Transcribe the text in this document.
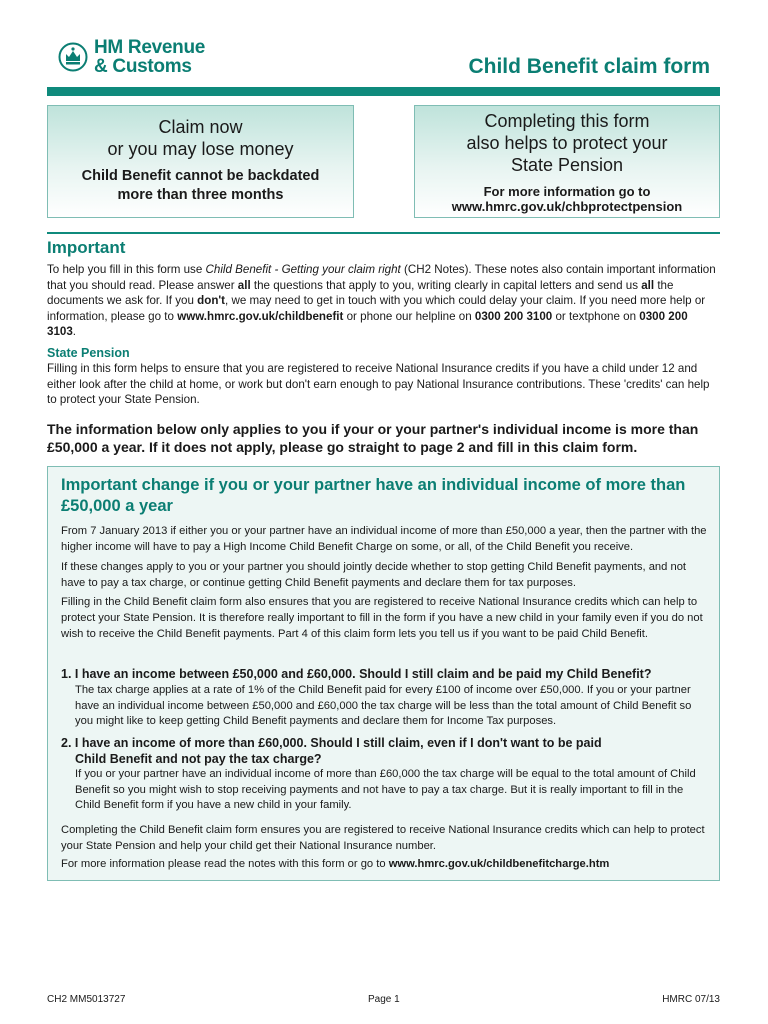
HM Revenue
& Customs	Child Benefit claim form
Claim now
or you may lose money
Child Benefit cannot be backdated
more than three months
Completing this form
also helps to protect your
State Pension
For more information go to
www.hmrc.gov.uk/chbprotectpension
Important
To help you fill in this form use Child Benefit - Getting your claim right (CH2 Notes). These notes also contain important information that you should read. Please answer all the questions that apply to you, writing clearly in capital letters and send us all the documents we ask for. If you don't, we may need to get in touch with you which could delay your claim. If you need more help or information, please go to www.hmrc.gov.uk/childbenefit or phone our helpline on 0300 200 3100 or textphone on 0300 200 3103.
State Pension
Filling in this form helps to ensure that you are registered to receive National Insurance credits if you have a child under 12 and either look after the child at home, or work but don't earn enough to pay National Insurance contributions. These 'credits' can help to protect your State Pension.
The information below only applies to you if your or your partner's individual income is more than £50,000 a year. If it does not apply, please go straight to page 2 and fill in this claim form.
Important change if you or your partner have an individual income of more than £50,000 a year
From 7 January 2013 if either you or your partner have an individual income of more than £50,000 a year, then the partner with the higher income will have to pay a High Income Child Benefit Charge on some, or all, of the Child Benefit you receive.
If these changes apply to you or your partner you should jointly decide whether to stop getting Child Benefit payments, and not have to pay a tax charge, or continue getting Child Benefit payments and declare them for tax purposes.
Filling in the Child Benefit claim form also ensures that you are registered to receive National Insurance credits which can help to protect your State Pension. It is therefore really important to fill in the form if you have a new child in your family even if you do not wish to receive the Child Benefit payments. Part 4 of this claim form lets you tell us if you want to be paid Child Benefit.
1. I have an income between £50,000 and £60,000. Should I still claim and be paid my Child Benefit?
The tax charge applies at a rate of 1% of the Child Benefit paid for every £100 of income over £50,000. If you or your partner have an individual income between £50,000 and £60,000 the tax charge will be less than the total amount of Child Benefit so you might like to keep getting Child Benefit payments and declare them for Income Tax purposes.
2. I have an income of more than £60,000. Should I still claim, even if I don't want to be paid
Child Benefit and not pay the tax charge?
If you or your partner have an individual income of more than £60,000 the tax charge will be equal to the total amount of Child Benefit so you might wish to stop receiving payments and not have to pay a tax charge. But it is really important to fill in the Child Benefit form if you have a new child in your family.
Completing the Child Benefit claim form ensures you are registered to receive National Insurance credits which can help to protect your State Pension and help your child get their National Insurance number.
For more information please read the notes with this form or go to www.hmrc.gov.uk/childbenefitcharge.htm
CH2 MM5013727	Page 1	HMRC 07/13
